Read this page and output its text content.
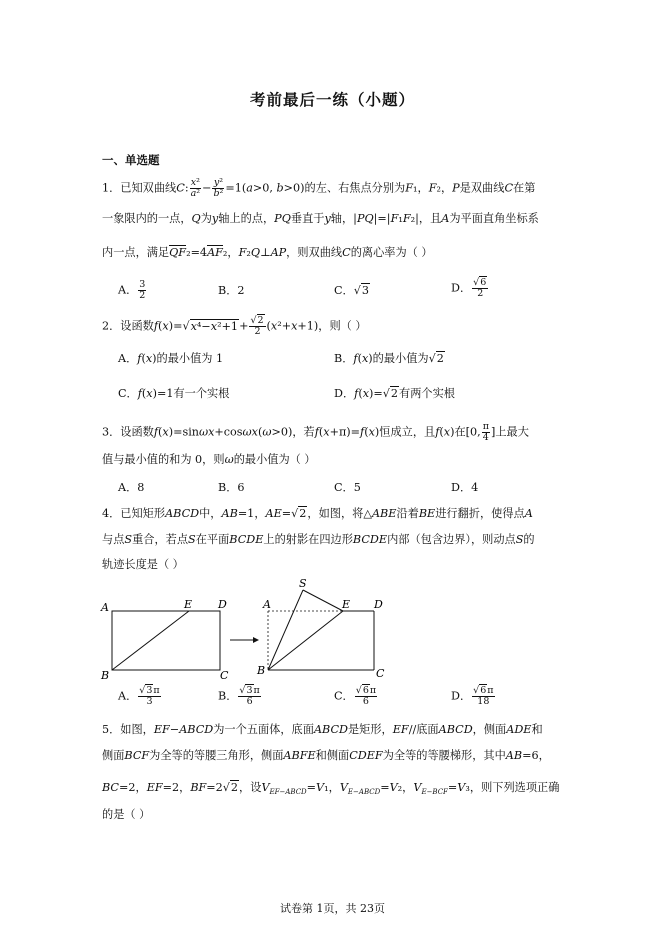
考前最后一练（小题）
一、单选题
1．已知双曲线C: $\frac{\text{x²}}{\text{a²}} - \frac{\text{y²}}{\text{b²}} =1(a>0$, b>0)的左、右焦点分别为F₁，F₂，P是双曲线C在第
一象限内的一点，Q为y轴上的点，PQ垂直于y轴，|PQ|=|F₁F₂|，且A为平面直角坐标系
内一点，满足QF₂=4AF₂，F₂Q⊥AP，则双曲线C的离心率为（ ）
A． $\frac{3}{2}$	B．2	C．√3	D． $\frac{√6}{2}$
2．设函数$f(x)=√x^4-x^2+1+ \frac{√2}{2} (x^2+x+1)$，则（ ）
A．f(x)的最小值为 1	B．f(x)的最小值为√2
C．f(x)=1有一个实根	D．f(x)=√2有两个实根
3．设函数f(x)=sinωx+cosωx(ω>0)，若f(x+π)=f(x)恒成立，且f(x)在[0, $\frac{\pi}{4}$ ]上最大
值与最小值的和为 0，则ω的最小值为（ ）
A．8	B．6	C．5	D．4
4．已知矩形ABCD中，AB=1，AE=√2，如图，将△ABE沿着BE进行翻折，使得点A
与点S重合，若点S在平面BCDE上的射影在四边形BCDE内部（包含边界），则动点S的
轨迹长度是（ ）
A	E D
B	C
S
A	E D
B	C
A． $\frac{√3\pi}{3}$	B． $\frac{√3\pi}{6}$	C． $\frac{√6\pi}{6}$	D． $\frac{√6\pi}{18}$
5．如图，EF−ABCD为一个五面体，底面ABCD是矩形，EF//底面ABCD，侧面ADE和
侧面BCF为全等的等腰三角形，侧面ABFE和侧面CDEF为全等的等腰梯形，其中AB=6，
BC=2，EF=2，BF=2√2，设$V_{EF-ABCD}=V_1$，$V_{E-ABCD}=V_2$，$V_{E-BCF}=V_3$，则下列选项正确
的是（ ）
试卷第 1页，共 23页
